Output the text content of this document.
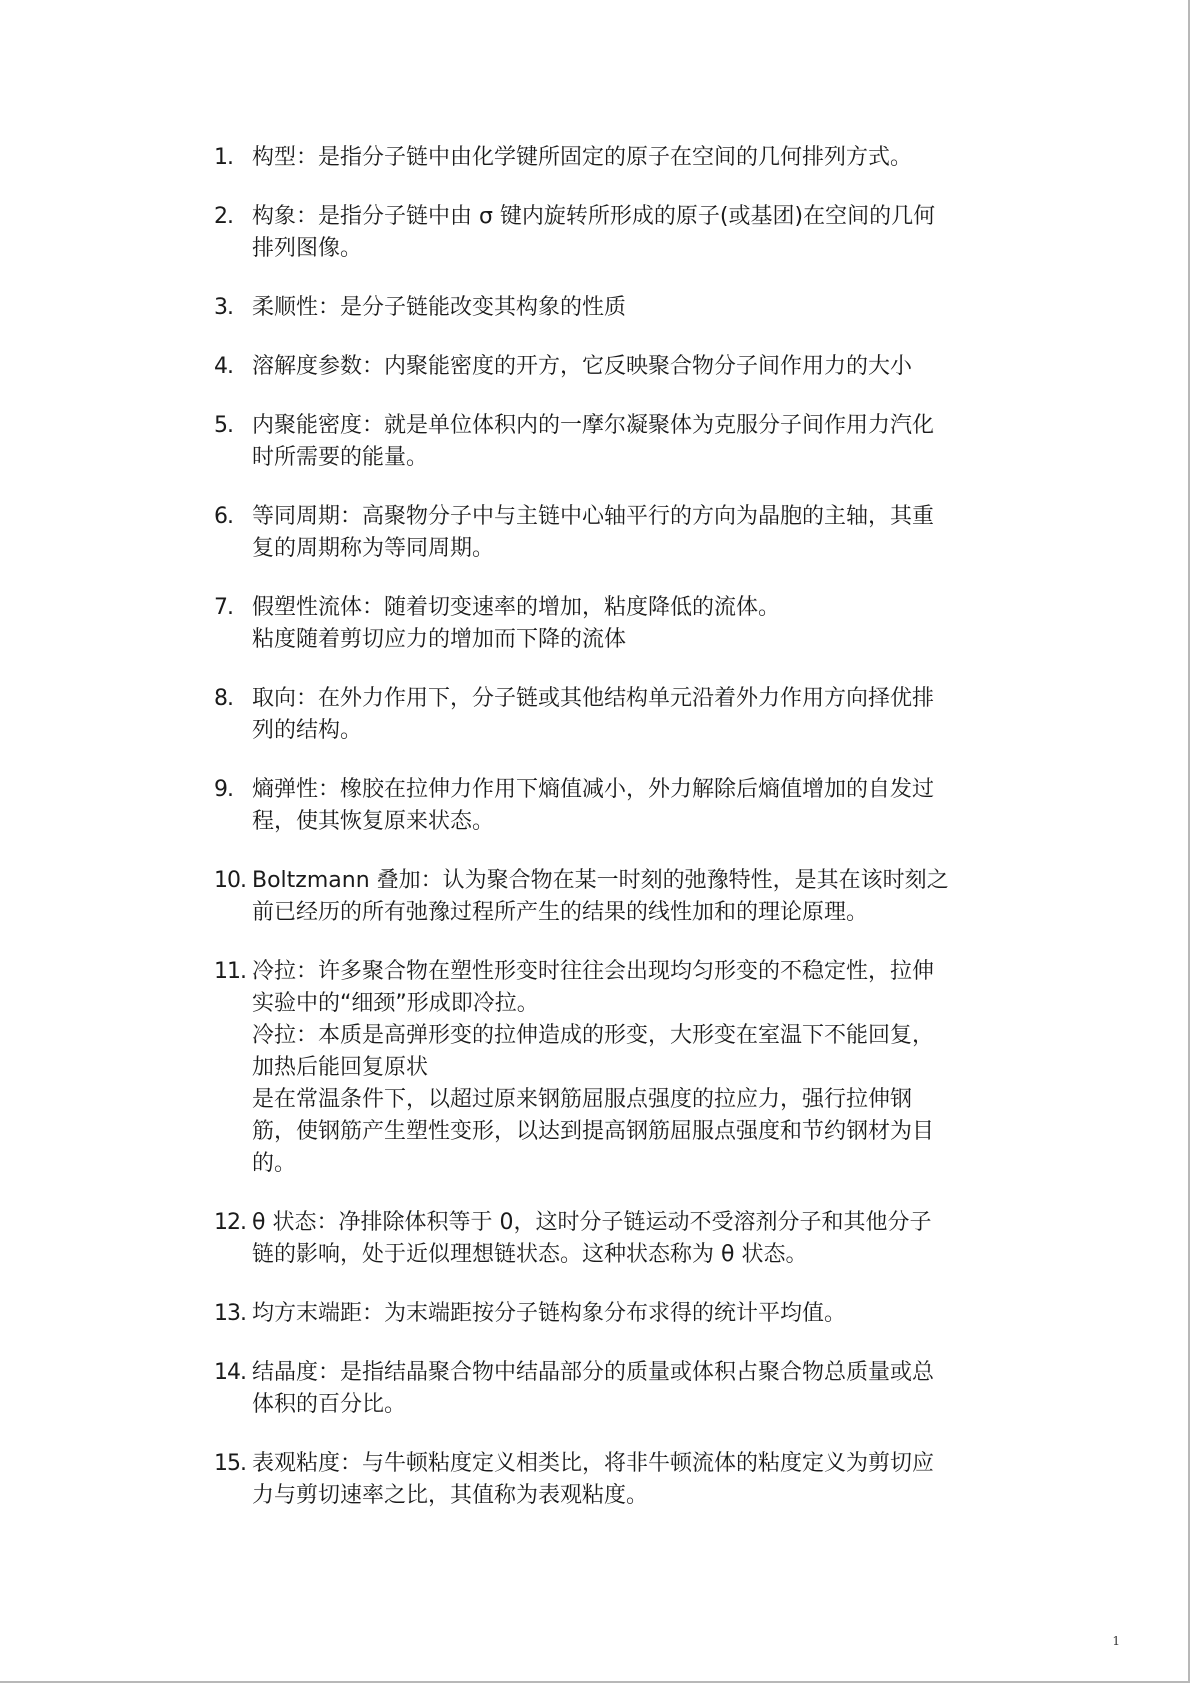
1. 构型：是指分子链中由化学键所固定的原子在空间的几何排列方式。
2. 构象：是指分子链中由 σ 键内旋转所形成的原子(或基团)在空间的几何
排列图像。
3. 柔顺性：是分子链能改变其构象的性质
4. 溶解度参数：内聚能密度的开方，它反映聚合物分子间作用力的大小
5. 内聚能密度：就是单位体积内的一摩尔凝聚体为克服分子间作用力汽化
时所需要的能量。
6. 等同周期：高聚物分子中与主链中心轴平行的方向为晶胞的主轴，其重
复的周期称为等同周期。
7. 假塑性流体：随着切变速率的增加，粘度降低的流体。
粘度随着剪切应力的增加而下降的流体
8. 取向：在外力作用下，分子链或其他结构单元沿着外力作用方向择优排
列的结构。
9. 熵弹性：橡胶在拉伸力作用下熵值减小，外力解除后熵值增加的自发过
程，使其恢复原来状态。
10. Boltzmann 叠加：认为聚合物在某一时刻的弛豫特性，是其在该时刻之
前已经历的所有弛豫过程所产生的结果的线性加和的理论原理。
11. 冷拉：许多聚合物在塑性形变时往往会出现均匀形变的不稳定性，拉伸
实验中的“细颈”形成即冷拉。
冷拉：本质是高弹形变的拉伸造成的形变，大形变在室温下不能回复，
加热后能回复原状
是在常温条件下，以超过原来钢筋屈服点强度的拉应力，强行拉伸钢
筋，使钢筋产生塑性变形，以达到提高钢筋屈服点强度和节约钢材为目
的。
12. θ 状态：净排除体积等于 0，这时分子链运动不受溶剂分子和其他分子
链的影响，处于近似理想链状态。这种状态称为 θ 状态。
13. 均方末端距：为末端距按分子链构象分布求得的统计平均值。
14. 结晶度：是指结晶聚合物中结晶部分的质量或体积占聚合物总质量或总
体积的百分比。
15. 表观粘度：与牛顿粘度定义相类比，将非牛顿流体的粘度定义为剪切应
力与剪切速率之比，其值称为表观粘度。
1
